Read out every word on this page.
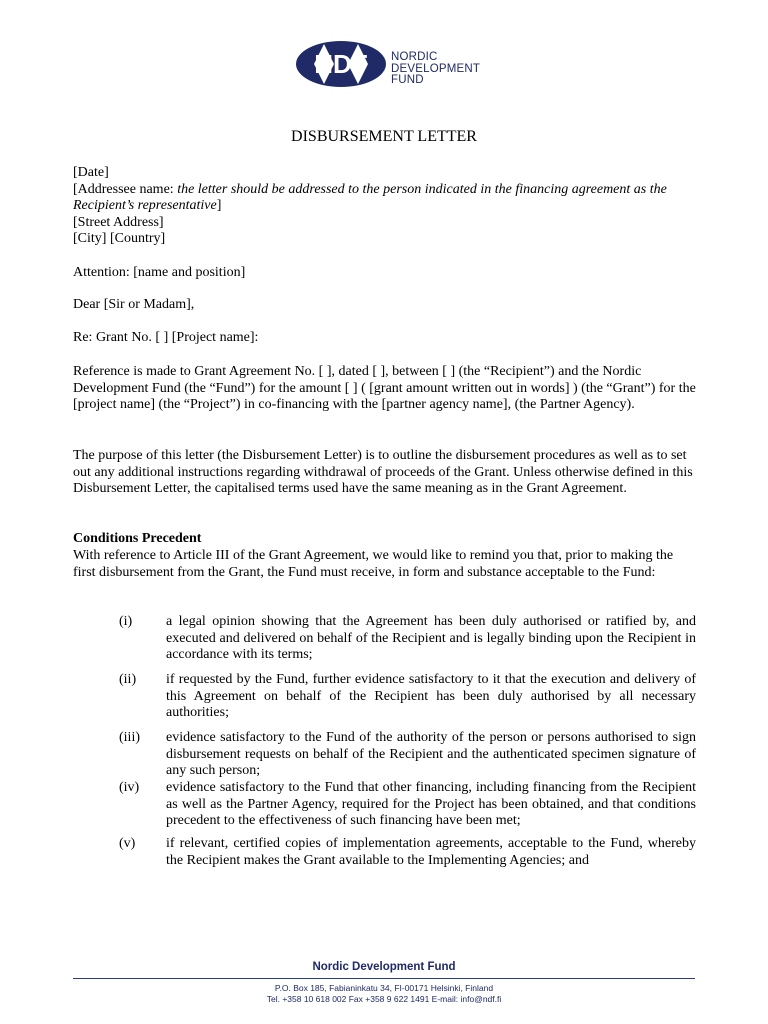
NDF NORDIC
DEVELOPMENT
FUND
DISBURSEMENT LETTER

[Date]

[Addressee name: the letter should be addressed to the person indicated in the financing agreement as the Recipient’s representative]

[Street Address]

[City] [Country]

Attention: [name and position]
Dear [Sir or Madam],
Re: Grant No. [ ] [Project name]:
Reference is made to Grant Agreement No. [ ], dated [ ], between [ ] (the “Recipient”) and the Nordic Development Fund (the “Fund”) for the amount [ ] ( [grant amount written out in words] ) (the “Grant”) for the [project name] (the “Project”) in co-financing with the [partner agency name], (the Partner Agency).
The purpose of this letter (the Disbursement Letter) is to outline the disbursement procedures as well as to set out any additional instructions regarding withdrawal of proceeds of the Grant. Unless otherwise defined in this Disbursement Letter, the capitalised terms used have the same meaning as in the Grant Agreement.
Conditions Precedent
With reference to Article III of the Grant Agreement, we would like to remind you that, prior to making the first disbursement from the Grant, the Fund must receive, in form and substance acceptable to the Fund:
(i) a legal opinion showing that the Agreement has been duly authorised or ratified by, and executed and delivered on behalf of the Recipient and is legally binding upon the Recipient in accordance with its terms;
(ii) if requested by the Fund, further evidence satisfactory to it that the execution and delivery of this Agreement on behalf of the Recipient has been duly authorised by all necessary authorities;
(iii) evidence satisfactory to the Fund of the authority of the person or persons authorised to sign disbursement requests on behalf of the Recipient and the authenticated specimen signature of any such person;
(iv) evidence satisfactory to the Fund that other financing, including financing from the Recipient as well as the Partner Agency, required for the Project has been obtained, and that conditions precedent to the effectiveness of such financing have been met;
(v) if relevant, certified copies of implementation agreements, acceptable to the Fund, whereby the Recipient makes the Grant available to the Implementing Agencies; and
Nordic Development Fund
P.O. Box 185, Fabianinkatu 34, FI-00171 Helsinki, Finland
Tel. +358 10 618 002 Fax +358 9 622 1491 E-mail: info@ndf.fi
